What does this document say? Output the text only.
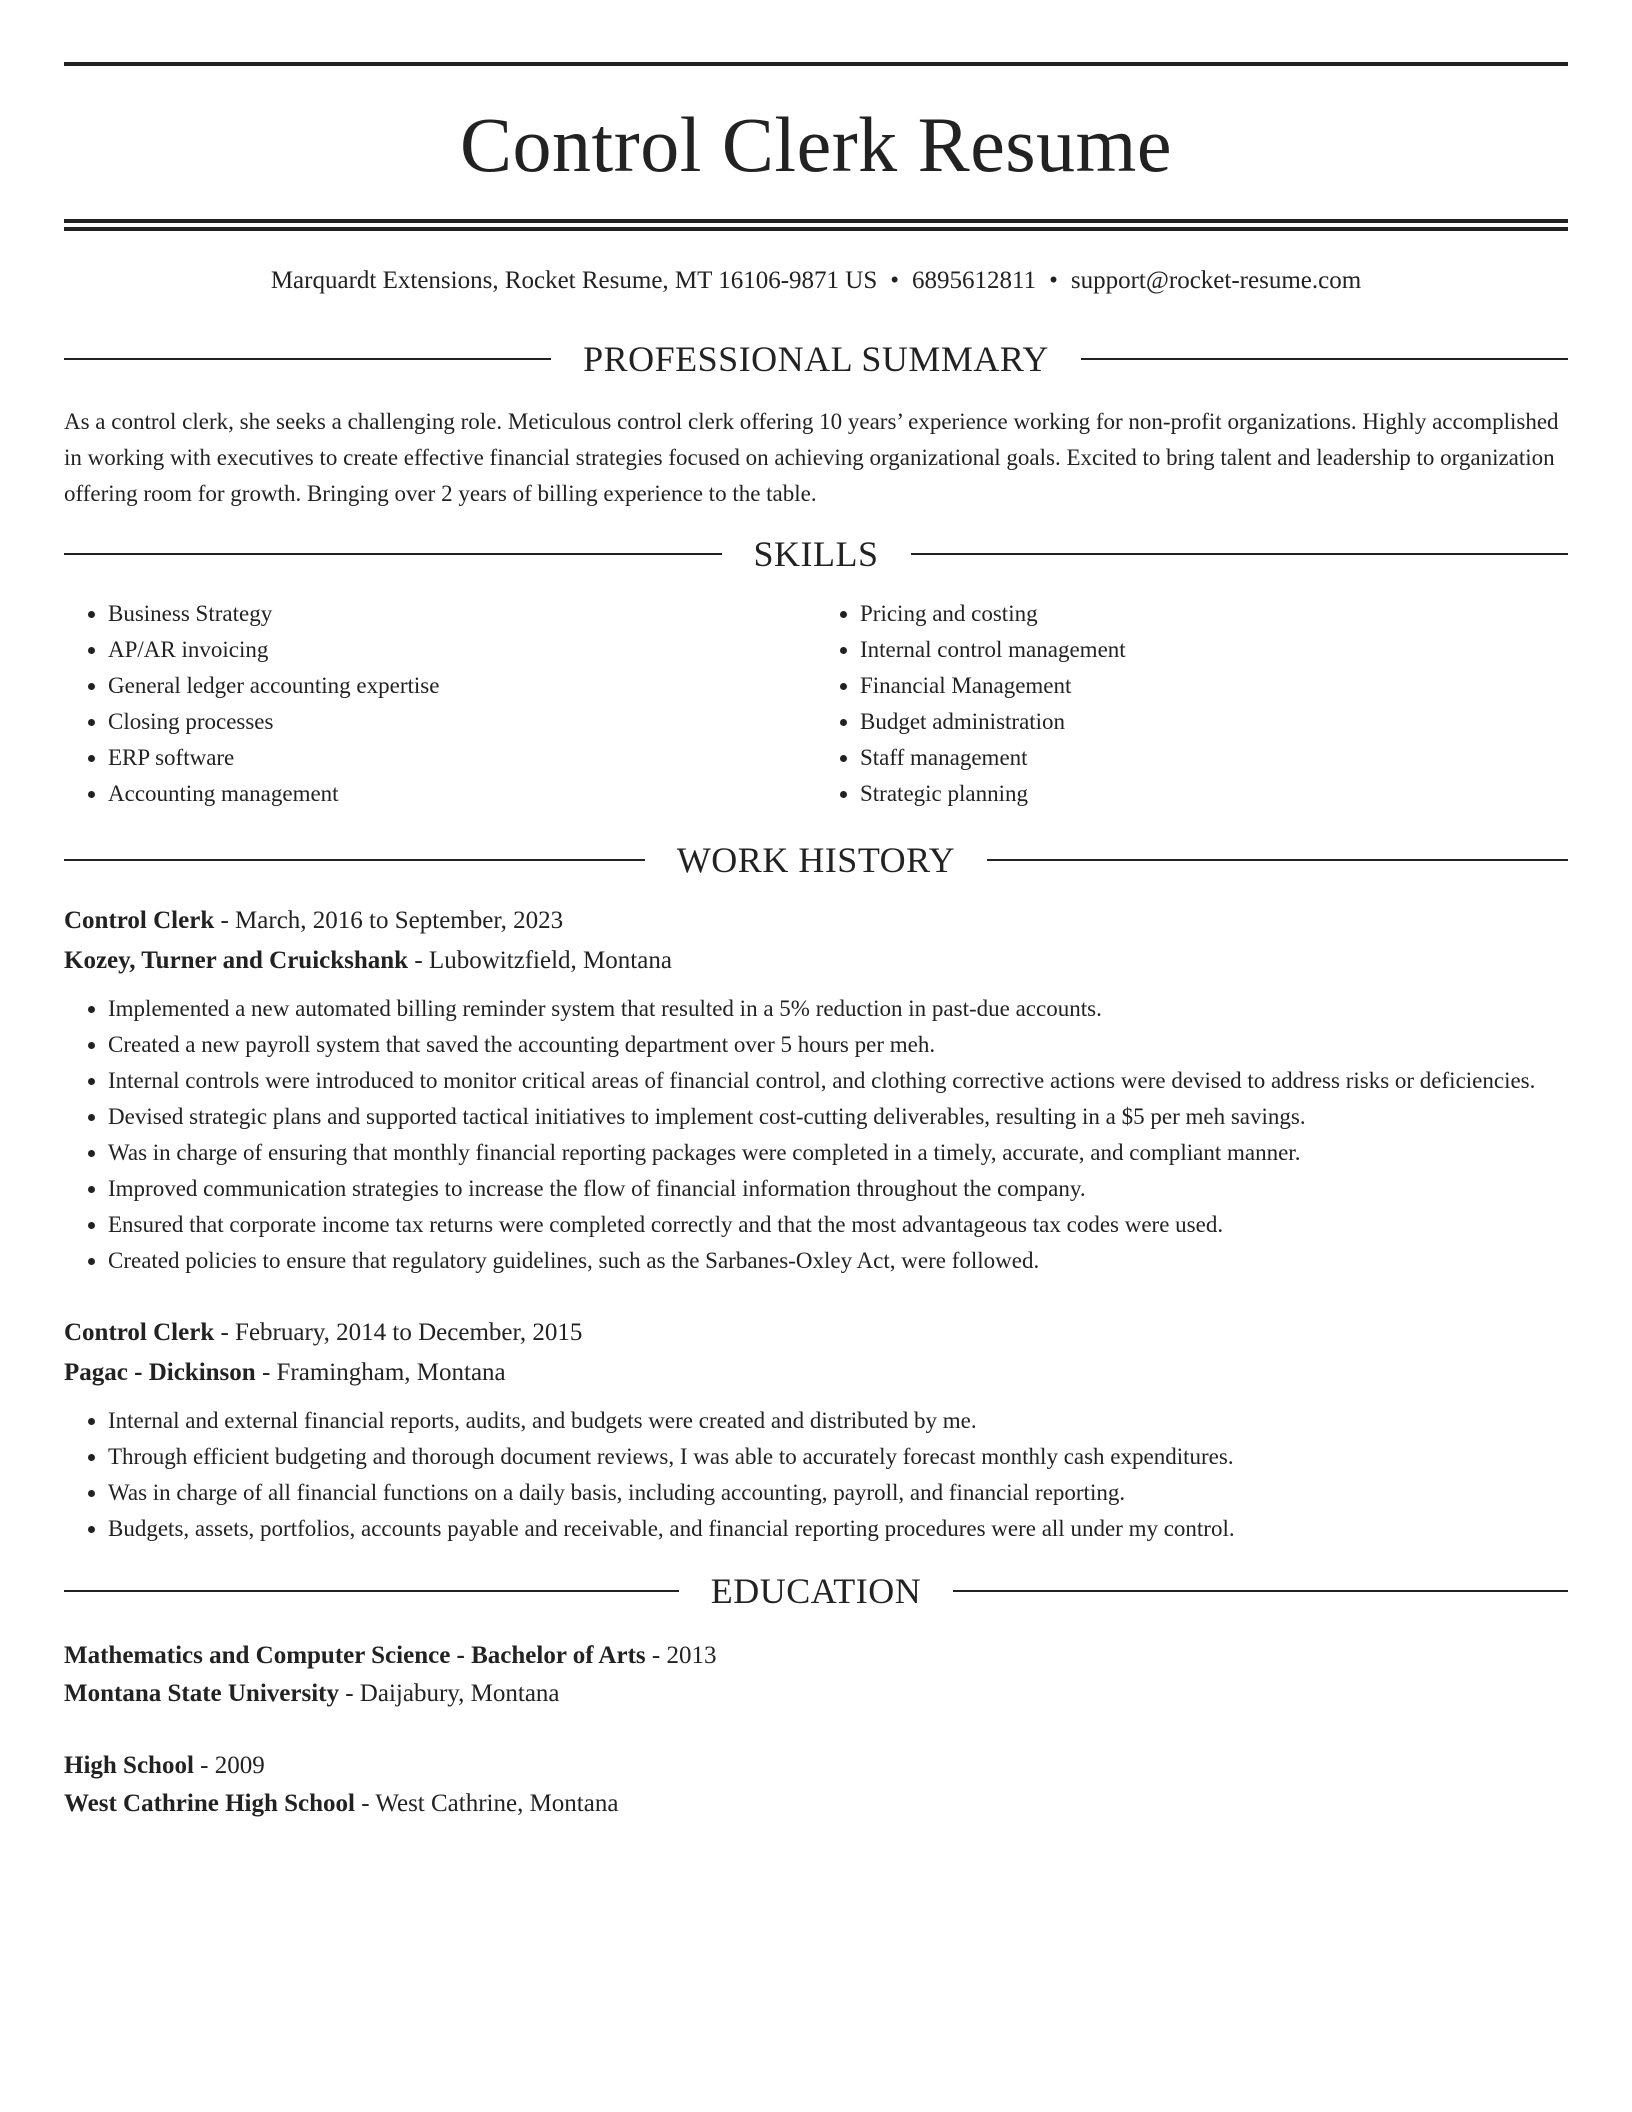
Control Clerk Resume
Marquardt Extensions, Rocket Resume, MT 16106-9871 US • 6895612811 • support@rocket-resume.com
PROFESSIONAL SUMMARY

As a control clerk, she seeks a challenging role. Meticulous control clerk offering 10 years’ experience working for non-profit organizations. Highly accomplished in working with executives to create effective financial strategies focused on achieving organizational goals. Excited to bring talent and leadership to organization offering room for growth. Bringing over 2 years of billing experience to the table.

SKILLS
• Business Strategy
• AP/AR invoicing
• General ledger accounting expertise
• Closing processes
• ERP software
• Accounting management
• Pricing and costing
• Internal control management
• Financial Management
• Budget administration
• Staff management
• Strategic planning
WORK HISTORY
Control Clerk - March, 2016 to September, 2023
Kozey, Turner and Cruickshank - Lubowitzfield, Montana
• Implemented a new automated billing reminder system that resulted in a 5% reduction in past-due accounts.
• Created a new payroll system that saved the accounting department over 5 hours per meh.
• Internal controls were introduced to monitor critical areas of financial control, and clothing corrective actions were devised to address risks or deficiencies.
• Devised strategic plans and supported tactical initiatives to implement cost-cutting deliverables, resulting in a $5 per meh savings.
• Was in charge of ensuring that monthly financial reporting packages were completed in a timely, accurate, and compliant manner.
• Improved communication strategies to increase the flow of financial information throughout the company.
• Ensured that corporate income tax returns were completed correctly and that the most advantageous tax codes were used.
• Created policies to ensure that regulatory guidelines, such as the Sarbanes-Oxley Act, were followed.
Control Clerk - February, 2014 to December, 2015
Pagac - Dickinson - Framingham, Montana
• Internal and external financial reports, audits, and budgets were created and distributed by me.
• Through efficient budgeting and thorough document reviews, I was able to accurately forecast monthly cash expenditures.
• Was in charge of all financial functions on a daily basis, including accounting, payroll, and financial reporting.
• Budgets, assets, portfolios, accounts payable and receivable, and financial reporting procedures were all under my control.
EDUCATION
Mathematics and Computer Science - Bachelor of Arts - 2013
Montana State University - Daijabury, Montana
High School - 2009
West Cathrine High School - West Cathrine, Montana
